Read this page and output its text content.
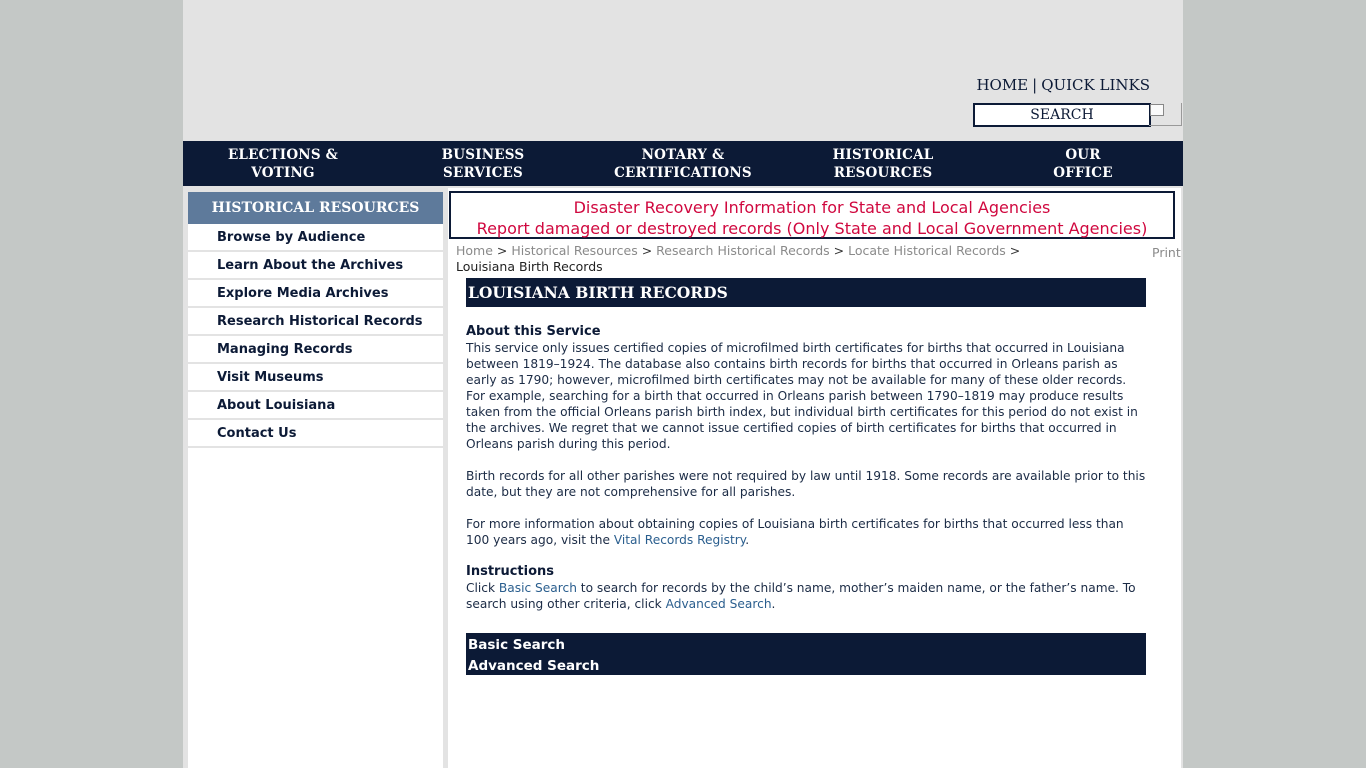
HOME | QUICK LINKS
SEARCH
ELECTIONS &
VOTING
BUSINESS
SERVICES
NOTARY &
CERTIFICATIONS
HISTORICAL
RESOURCES
OUR
OFFICE
HISTORICAL RESOURCES
Browse by Audience
Learn About the Archives
Explore Media Archives
Research Historical Records
Managing Records
Visit Museums
About Louisiana
Contact Us
Disaster Recovery Information for State and Local Agencies
Report damaged or destroyed records (Only State and Local Government Agencies)
Home > Historical Resources > Research Historical Records > Locate Historical Records > Louisiana Birth Records
Print
LOUISIANA BIRTH RECORDS
About this Service

This service only issues certified copies of microfilmed birth certificates for births that occurred in Louisiana between 1819–1924. The database also contains birth records for births that occurred in Orleans parish as early as 1790; however, microfilmed birth certificates may not be available for many of these older records. For example, searching for a birth that occurred in Orleans parish between 1790–1819 may produce results taken from the official Orleans parish birth index, but individual birth certificates for this period do not exist in the archives. We regret that we cannot issue certified copies of birth certificates for births that occurred in Orleans parish during this period.

Birth records for all other parishes were not required by law until 1918. Some records are available prior to this date, but they are not comprehensive for all parishes.

For more information about obtaining copies of Louisiana birth certificates for births that occurred less than 100 years ago, visit the Vital Records Registry.

Instructions

Click Basic Search to search for records by the child’s name, mother’s maiden name, or the father’s name. To search using other criteria, click Advanced Search.

Basic Search
Advanced Search
